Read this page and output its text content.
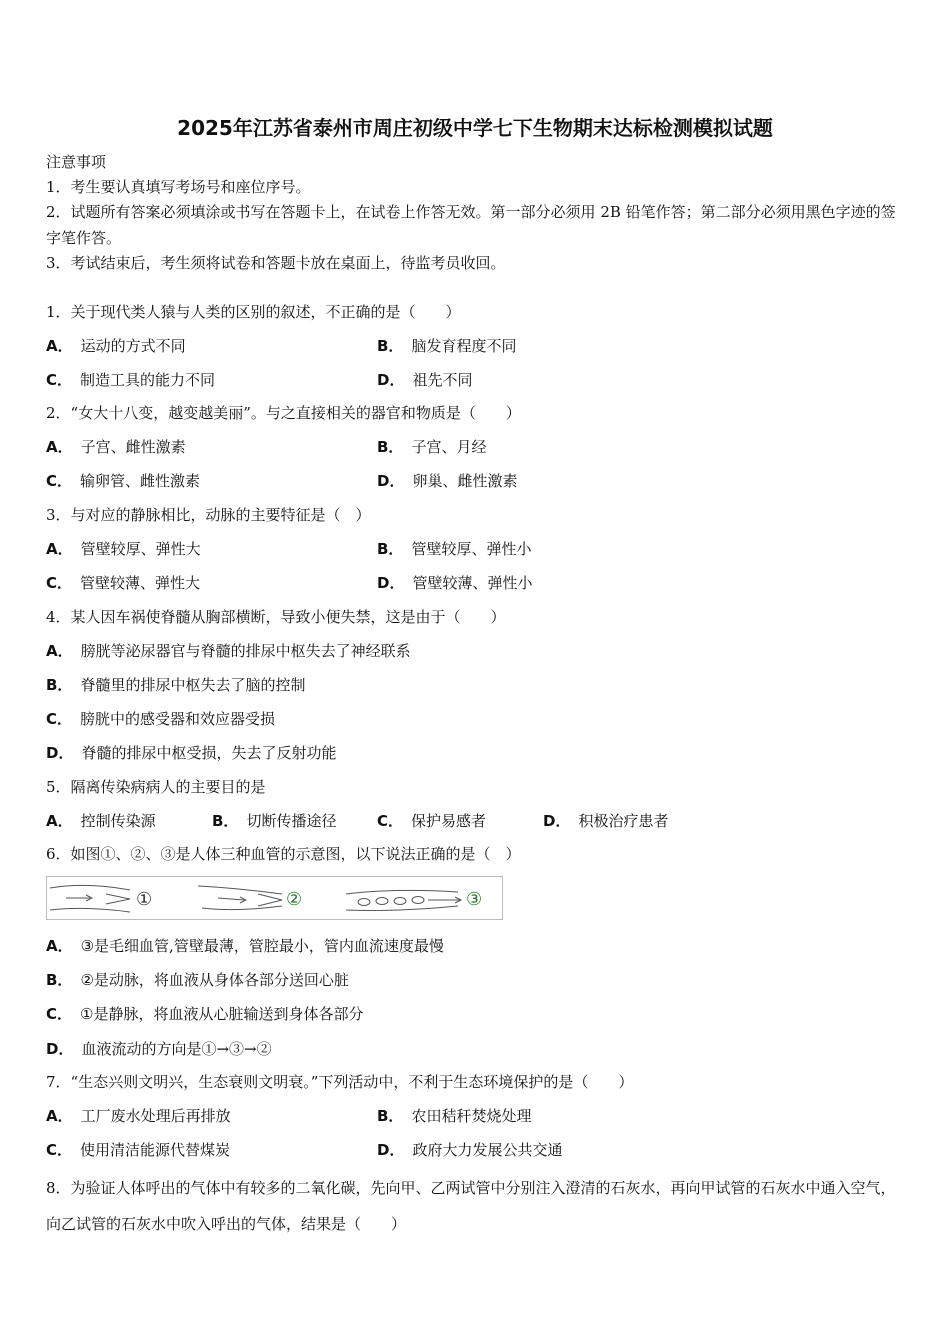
2025年江苏省泰州市周庄初级中学七下生物期末达标检测模拟试题
注意事项
1．考生要认真填写考场号和座位序号。
2．试题所有答案必须填涂或书写在答题卡上，在试卷上作答无效。第一部分必须用 2B 铅笔作答；第二部分必须用黑色字迹的签字笔作答。
3．考试结束后，考生须将试卷和答题卡放在桌面上，待监考员收回。
1．关于现代类人猿与人类的区别的叙述，不正确的是（　　）
A． 运动的方式不同	B． 脑发育程度不同
C． 制造工具的能力不同	D． 祖先不同
2．“女大十八变，越变越美丽”。与之直接相关的器官和物质是（　　）
A． 子宫、雌性激素	B． 子宫、月经
C． 输卵管、雌性激素	D． 卵巢、雌性激素
3．与对应的静脉相比，动脉的主要特征是（　）
A． 管壁较厚、弹性大	B． 管壁较厚、弹性小
C． 管壁较薄、弹性大	D． 管壁较薄、弹性小
4．某人因车祸使脊髓从胸部横断，导致小便失禁，这是由于（　　）
A． 膀胱等泌尿器官与脊髓的排尿中枢失去了神经联系
B． 脊髓里的排尿中枢失去了脑的控制
C． 膀胱中的感受器和效应器受损
D． 脊髓的排尿中枢受损，失去了反射功能
5．隔离传染病病人的主要目的是
A． 控制传染源	B． 切断传播途径	C． 保护易感者	D． 积极治疗患者
6．如图①、②、③是人体三种血管的示意图，以下说法正确的是（　）
①	②	③
A． ③是毛细血管,管壁最薄，管腔最小，管内血流速度最慢
B． ②是动脉，将血液从身体各部分送回心脏
C． ①是静脉，将血液从心脏输送到身体各部分
D． 血液流动的方向是①→③→②
7．“生态兴则文明兴，生态衰则文明衰。”下列活动中，不利于生态环境保护的是（　　）
A． 工厂废水处理后再排放	B． 农田秸秆焚烧处理
C． 使用清洁能源代替煤炭	D． 政府大力发展公共交通
8．为验证人体呼出的气体中有较多的二氧化碳，先向甲、乙两试管中分别注入澄清的石灰水，再向甲试管的石灰水中通入空气，向乙试管的石灰水中吹入呼出的气体，结果是（　　）
